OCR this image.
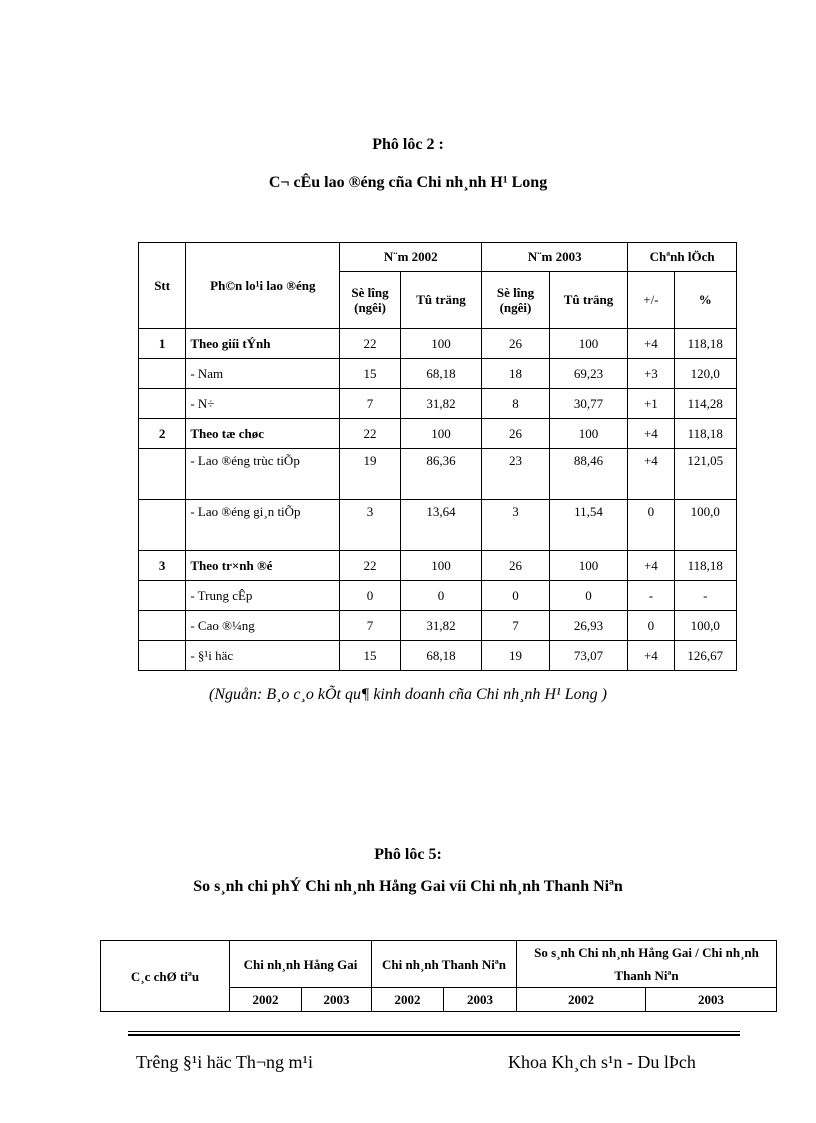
Phô lôc 2 :
C¬ cÊu lao ®éng cña Chi nh¸nh H¹ Long
Stt	Ph©n lo¹i lao ®éng	N¨m 2002		N¨m 2003		Chªnh lÖch	
		Sè lîng (ngêi)	Tû träng	Sè lîng (ngêi)	Tû träng	+/-	%
1	Theo giíi tÝnh	22	100	26	100	+4	118,18
	- Nam	15	68,18	18	69,23	+3	120,0
	- N÷	7	31,82	8	30,77	+1	114,28
2	Theo tæ chøc	22	100	26	100	+4	118,18
	- Lao ®éng trùc tiÕp	19	86,36	23	88,46	+4	121,05
	- Lao ®éng gi¸n tiÕp	3	13,64	3	11,54	0	100,0
3	Theo tr×nh ®é	22	100	26	100	+4	118,18
	- Trung cÊp	0	0	0	0	-	-
	- Cao ®¼ng	7	31,82	7	26,93	0	100,0
	- §¹i häc	15	68,18	19	73,07	+4	126,67
(Nguån: B¸o c¸o kÕt qu¶ kinh doanh cña Chi nh¸nh H¹ Long )
Phô lôc 5:
So s¸nh chi phÝ Chi nh¸nh Hång Gai víi Chi nh¸nh Thanh Niªn
C¸c chØ tiªu	Chi nh¸nh Hång Gai		Chi nh¸nh Thanh Niªn		So s¸nh Chi nh¸nh Hång Gai / Chi nh¸nh Thanh Niªn	
	2002	2003	2002	2003	2002	2003
Trêng §¹i häc Th¬ng m¹i	Khoa Kh¸ch s¹n - Du lÞch
